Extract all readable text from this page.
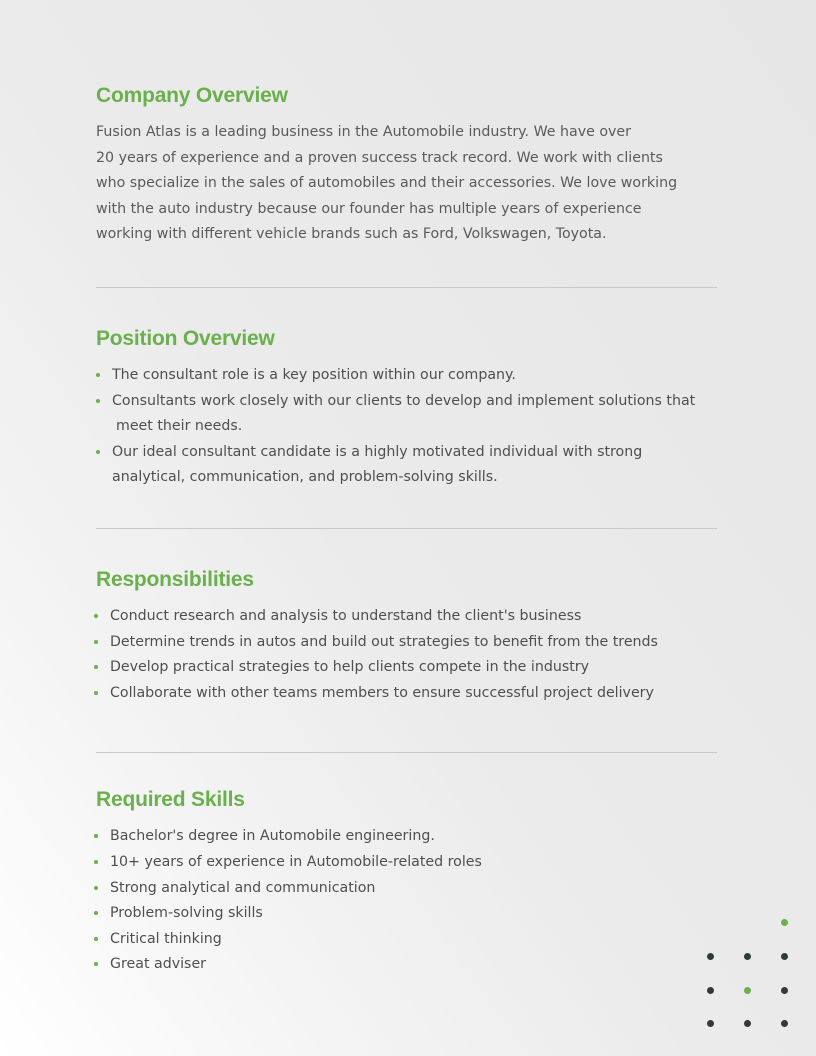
Company Overview

Fusion Atlas is a leading business in the Automobile industry. We have over
20 years of experience and a proven success track record. We work with clients
who specialize in the sales of automobiles and their accessories. We love working
with the auto industry because our founder has multiple years of experience
working with different vehicle brands such as Ford, Volkswagen, Toyota.

Position Overview
The consultant role is a key position within our company.
Consultants work closely with our clients to develop and implement solutions that
meet their needs.
Our ideal consultant candidate is a highly motivated individual with strong
analytical, communication, and problem-solving skills.
Responsibilities
Conduct research and analysis to understand the client's business
Determine trends in autos and build out strategies to benefit from the trends
Develop practical strategies to help clients compete in the industry
Collaborate with other teams members to ensure successful project delivery
Required Skills
Bachelor's degree in Automobile engineering.
10+ years of experience in Automobile-related roles
Strong analytical and communication
Problem-solving skills
Critical thinking
Great adviser
